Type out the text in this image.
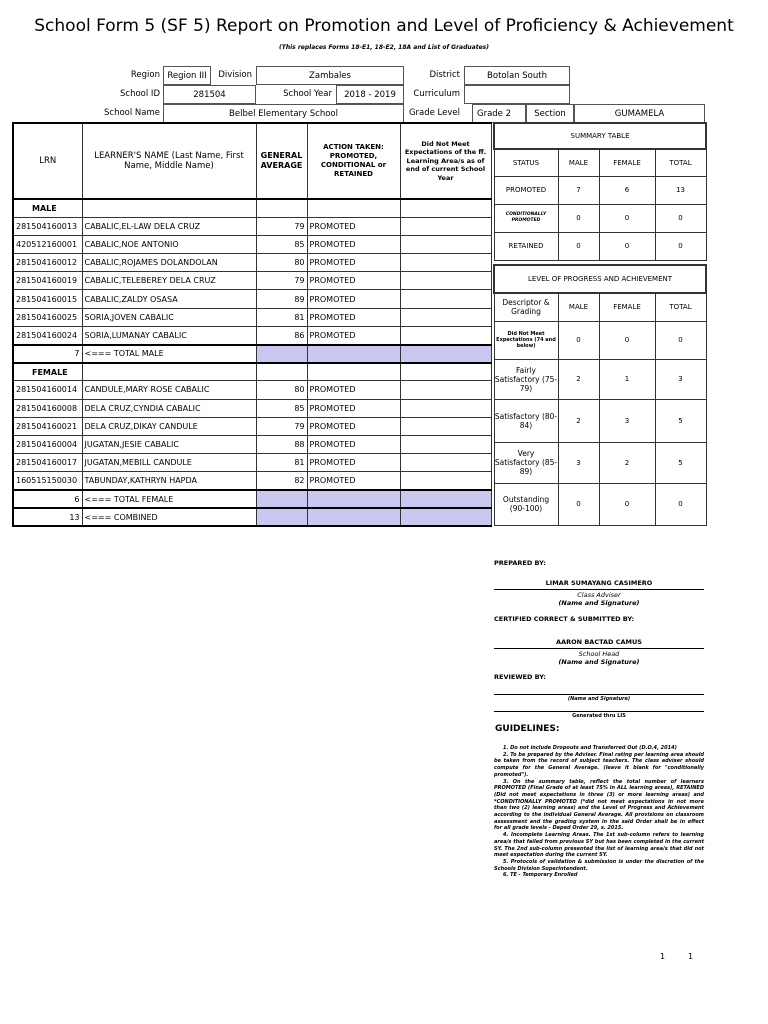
School Form 5 (SF 5) Report on Promotion and Level of Proficiency & Achievement
(This replaces Forms 18-E1, 18-E2, 18A and List of Graduates)
Region Region III	Division	Zambales	District	Botolan South
School ID	281504	School Year	2018 - 2019	Curriculum
School Name	Belbel Elementary School	Grade Level	Grade 2	Section	GUMAMELA
LRN	LEARNER'S NAME (Last Name, First Name, Middle Name)	GENERAL AVERAGE	ACTION TAKEN: PROMOTED, CONDITIONAL or RETAINED	Did Not Meet Expectations of the ff. Learning Area/s as of end of current School Year
MALE				
281504160013	CABALIC,EL-LAW DELA CRUZ	79	PROMOTED	
420512160001	CABALIC,NOE ANTONIO	85	PROMOTED	
281504160012	CABALIC,ROJAMES DOLANDOLAN	80	PROMOTED	
281504160019	CABALIC,TELEBEREY DELA CRUZ	79	PROMOTED	
281504160015	CABALIC,ZALDY OSASA	89	PROMOTED	
281504160025	SORIA,JOVEN CABALIC	81	PROMOTED	
281504160024	SORIA,LUMANAY CABALIC	86	PROMOTED	
7	<=== TOTAL MALE			
FEMALE				
281504160014	CANDULE,MARY ROSE CABALIC	80	PROMOTED	
281504160008	DELA CRUZ,CYNDIA CABALIC	85	PROMOTED	
281504160021	DELA CRUZ,DIKAY CANDULE	79	PROMOTED	
281504160004	JUGATAN,JESIE CABALIC	88	PROMOTED	
281504160017	JUGATAN,MEBILL CANDULE	81	PROMOTED	
160515150030	TABUNDAY,KATHRYN HAPDA	82	PROMOTED	
6	<=== TOTAL FEMALE			
13	<=== COMBINED			
SUMMARY TABLE			
STATUS	MALE	FEMALE	TOTAL
PROMOTED	7	6	13
CONDITIONALLY PROMOTED	0	0	0
RETAINED	0	0	0
LEVEL OF PROGRESS AND ACHIEVEMENT			
Descriptor & Grading	MALE	FEMALE	TOTAL
Did Not Meet Expectations (74 and below)	0	0	0
Fairly Satisfactory (75-79)	2	1	3
Satisfactory (80-84)	2	3	5
Very Satisfactory (85-89)	3	2	5
Outstanding (90-100)	0	0	0
PREPARED BY:
LIMAR SUMAYANG CASIMERO
Class Adviser
(Name and Signature)
CERTIFIED CORRECT & SUBMITTED BY:
AARON BACTAD CAMUS
School Head
(Name and Signature)
REVIEWED BY:
(Name and Signature)
Generated thru LIS
GUIDELINES:

1. Do not include Dropouts and Transferred Out (D.O.4, 2014)

2. To be prepared by the Adviser. Final rating per learning area should be taken from the record of subject teachers. The class adviser should compute for the General Average. (leave it blank for "conditionally promoted").

3. On the summary table, reflect the total number of learners PROMOTED (Final Grade of at least 75% in ALL learning areas), RETAINED (Did not meet expectations in three (3) or more learning areas) and *CONDITIONALLY PROMOTED (*did not meet expectations in not more than two (2) learning areas) and the Level of Progress and Achievement according to the individual General Average. All provisions on classroom assessment and the grading system in the said Order shall be in effect for all grade levels - Deped Order 29, s. 2015.

4. Incomplete Learning Areas. The 1st sub-column refers to learning area/s that failed from previous SY but has been completed in the current SY. The 2nd sub-column presented the list of learning area/s that did not meet expectation during the current SY.

5. Protocols of validation & submission is under the discretion of the Schools Division Superintendent.

6. TE - Temporary Enrolled

1	1
